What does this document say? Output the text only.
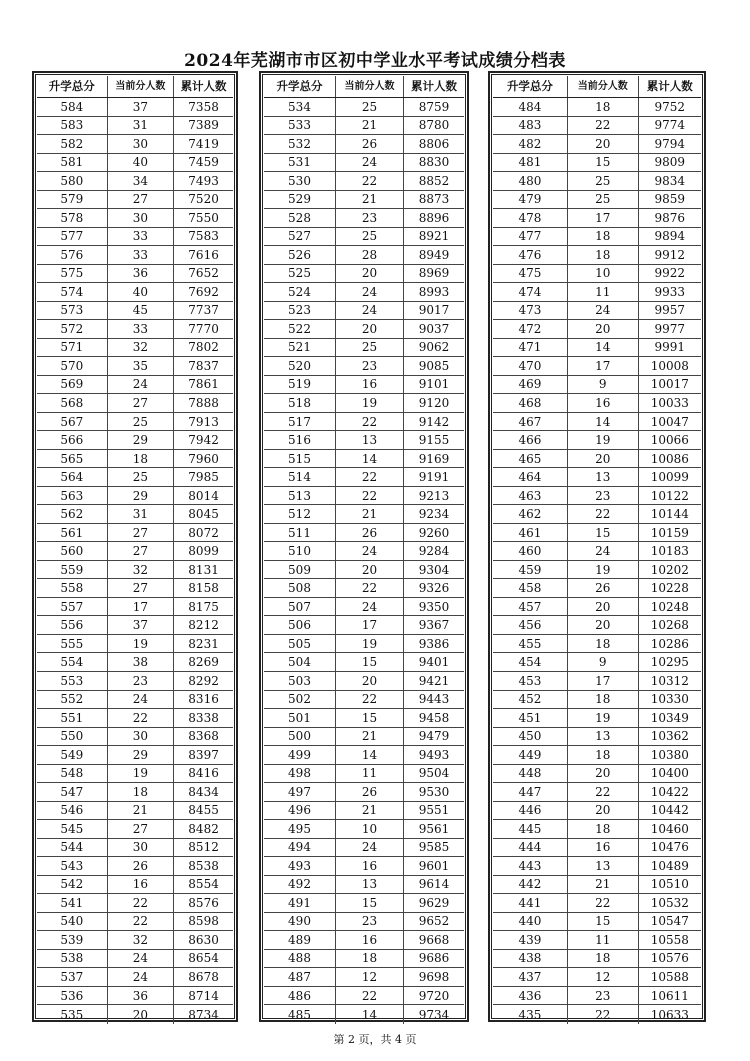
2024年芜湖市市区初中学业水平考试成绩分档表
升学总分	当前分人数	累计人数
584	37	7358
583	31	7389
582	30	7419
581	40	7459
580	34	7493
579	27	7520
578	30	7550
577	33	7583
576	33	7616
575	36	7652
574	40	7692
573	45	7737
572	33	7770
571	32	7802
570	35	7837
569	24	7861
568	27	7888
567	25	7913
566	29	7942
565	18	7960
564	25	7985
563	29	8014
562	31	8045
561	27	8072
560	27	8099
559	32	8131
558	27	8158
557	17	8175
556	37	8212
555	19	8231
554	38	8269
553	23	8292
552	24	8316
551	22	8338
550	30	8368
549	29	8397
548	19	8416
547	18	8434
546	21	8455
545	27	8482
544	30	8512
543	26	8538
542	16	8554
541	22	8576
540	22	8598
539	32	8630
538	24	8654
537	24	8678
536	36	8714
535	20	8734
升学总分	当前分人数	累计人数
534	25	8759
533	21	8780
532	26	8806
531	24	8830
530	22	8852
529	21	8873
528	23	8896
527	25	8921
526	28	8949
525	20	8969
524	24	8993
523	24	9017
522	20	9037
521	25	9062
520	23	9085
519	16	9101
518	19	9120
517	22	9142
516	13	9155
515	14	9169
514	22	9191
513	22	9213
512	21	9234
511	26	9260
510	24	9284
509	20	9304
508	22	9326
507	24	9350
506	17	9367
505	19	9386
504	15	9401
503	20	9421
502	22	9443
501	15	9458
500	21	9479
499	14	9493
498	11	9504
497	26	9530
496	21	9551
495	10	9561
494	24	9585
493	16	9601
492	13	9614
491	15	9629
490	23	9652
489	16	9668
488	18	9686
487	12	9698
486	22	9720
485	14	9734
升学总分	当前分人数	累计人数
484	18	9752
483	22	9774
482	20	9794
481	15	9809
480	25	9834
479	25	9859
478	17	9876
477	18	9894
476	18	9912
475	10	9922
474	11	9933
473	24	9957
472	20	9977
471	14	9991
470	17	10008
469	9	10017
468	16	10033
467	14	10047
466	19	10066
465	20	10086
464	13	10099
463	23	10122
462	22	10144
461	15	10159
460	24	10183
459	19	10202
458	26	10228
457	20	10248
456	20	10268
455	18	10286
454	9	10295
453	17	10312
452	18	10330
451	19	10349
450	13	10362
449	18	10380
448	20	10400
447	22	10422
446	20	10442
445	18	10460
444	16	10476
443	13	10489
442	21	10510
441	22	10532
440	15	10547
439	11	10558
438	18	10576
437	12	10588
436	23	10611
435	22	10633
第 2 页，共 4 页
